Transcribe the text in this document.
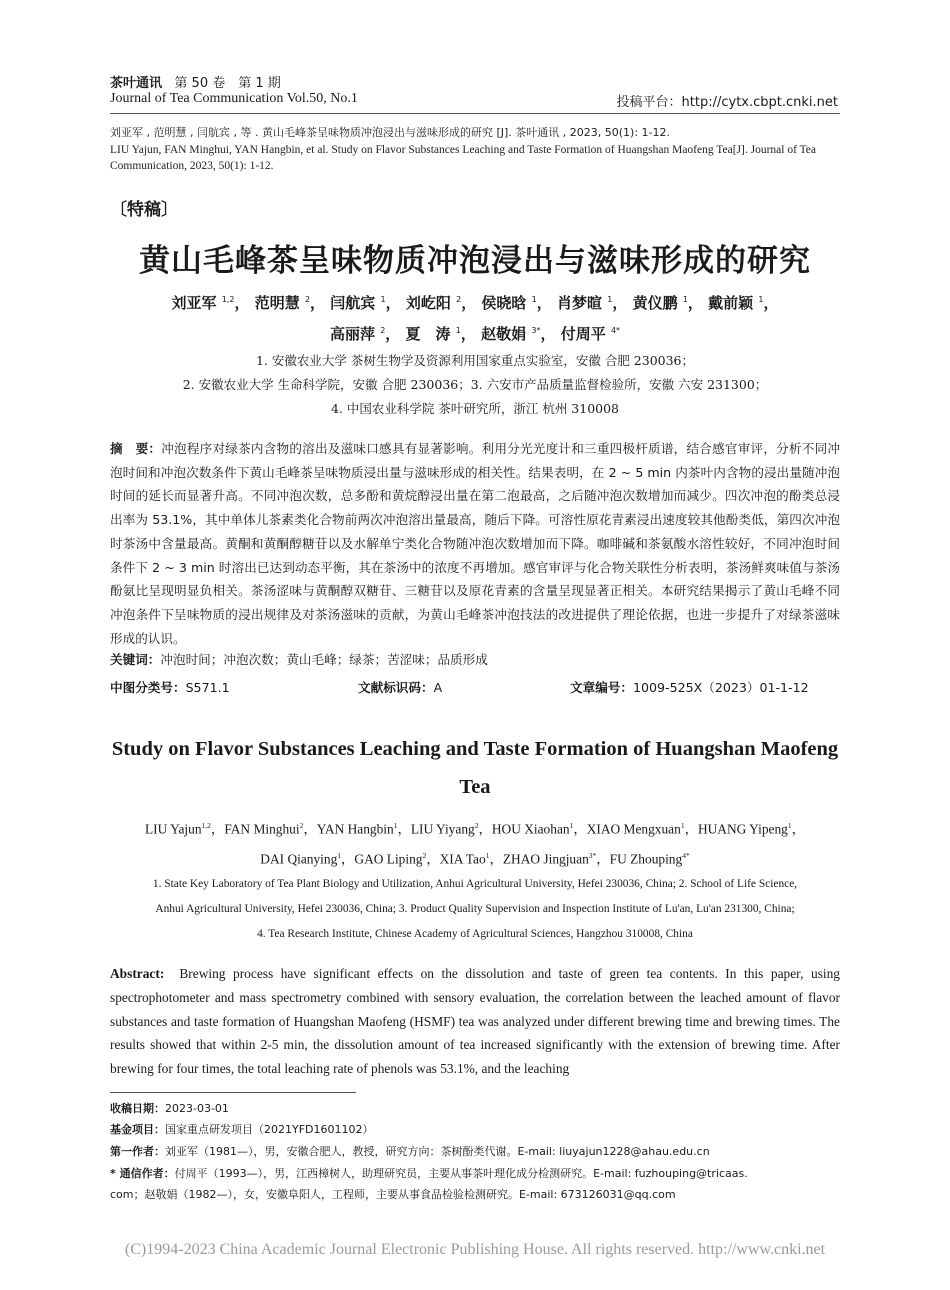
茶叶通讯 第 50 卷　第 1 期
Journal of Tea Communication Vol.50, No.1	投稿平台：http://cytx.cbpt.cnki.net
刘亚军 , 范明慧 , 闫航宾 , 等 . 黄山毛峰茶呈味物质冲泡浸出与滋味形成的研究 [J]. 茶叶通讯 , 2023, 50(1): 1-12.
LIU Yajun, FAN Minghui, YAN Hangbin, et al. Study on Flavor Substances Leaching and Taste Formation of Huangshan Maofeng Tea[J]. Journal of Tea Communication, 2023, 50(1): 1-12.
〔特稿〕
黄山毛峰茶呈味物质冲泡浸出与滋味形成的研究
刘亚军 $^{1,2}$， 范明慧 $^2$， 闫航宾 $^1$， 刘屹阳 $^2$， 侯晓晗 $^1$， 肖梦暄 $^1$， 黄仪鹏 $^1$， 戴前颖 $^1$，
高丽萍 $^2$， 夏　涛 $^1$， 赵敬娟 $^{3*}$， 付周平 $^{4*}$
1. 安徽农业大学 茶树生物学及资源利用国家重点实验室，安徽 合肥 230036；
2. 安徽农业大学 生命科学院，安徽 合肥 230036；3. 六安市产品质量监督检验所，安徽 六安 231300；
4. 中国农业科学院 茶叶研究所，浙江 杭州 310008
摘　要：冲泡程序对绿茶内含物的溶出及滋味口感具有显著影响。利用分光光度计和三重四极杆质谱，结合感官审评，分析不同冲泡时间和冲泡次数条件下黄山毛峰茶呈味物质浸出量与滋味形成的相关性。结果表明，在 2 ~ 5 min 内茶叶内含物的浸出量随冲泡时间的延长而显著升高。不同冲泡次数，总多酚和黄烷醇浸出量在第二泡最高，之后随冲泡次数增加而减少。四次冲泡的酚类总浸出率为 53.1%，其中单体儿茶素类化合物前两次冲泡溶出量最高，随后下降。可溶性原花青素浸出速度较其他酚类低，第四次冲泡时茶汤中含量最高。黄酮和黄酮醇糖苷以及水解单宁类化合物随冲泡次数增加而下降。咖啡碱和茶氨酸水溶性较好，不同冲泡时间条件下 2 ~ 3 min 时溶出已达到动态平衡，其在茶汤中的浓度不再增加。感官审评与化合物关联性分析表明，茶汤鲜爽味值与茶汤酚氨比呈现明显负相关。茶汤涩味与黄酮醇双糖苷、三糖苷以及原花青素的含量呈现显著正相关。本研究结果揭示了黄山毛峰不同冲泡条件下呈味物质的浸出规律及对茶汤滋味的贡献，为黄山毛峰茶冲泡技法的改进提供了理论依据，也进一步提升了对绿茶滋味形成的认识。
关键词：冲泡时间；冲泡次数；黄山毛峰；绿茶；苦涩味；品质形成
中图分类号：S571.1	文献标识码：A	文章编号：1009-525X（2023）01-1-12
Study on Flavor Substances Leaching and Taste Formation of Huangshan Maofeng Tea
LIU Yajun$^{1,2}$，FAN Minghui$^2$，YAN Hangbin$^1$，LIU Yiyang$^2$，HOU Xiaohan$^1$，XIAO Mengxuan$^1$，HUANG Yipeng$^1$，
DAI Qianying$^1$，GAO Liping$^2$，XIA Tao$^1$，ZHAO Jingjuan$^{3*}$，FU Zhouping$^{4*}$
1. State Key Laboratory of Tea Plant Biology and Utilization, Anhui Agricultural University, Hefei 230036, China; 2. School of Life Science,
Anhui Agricultural University, Hefei 230036, China; 3. Product Quality Supervision and Inspection Institute of Lu'an, Lu'an 231300, China;
4. Tea Research Institute, Chinese Academy of Agricultural Sciences, Hangzhou 310008, China
Abstract: Brewing process have significant effects on the dissolution and taste of green tea contents. In this paper, using spectrophotometer and mass spectrometry combined with sensory evaluation, the correlation between the leached amount of flavor substances and taste formation of Huangshan Maofeng (HSMF) tea was analyzed under different brewing time and brewing times. The results showed that within 2-5 min, the dissolution amount of tea increased significantly with the extension of brewing time. After brewing for four times, the total leaching rate of phenols was 53.1%, and the leaching
收稿日期：2023-03-01
基金项目：国家重点研发项目（2021YFD1601102）
第一作者：刘亚军（1981—），男，安徽合肥人，教授，研究方向：茶树酚类代谢。E-mail: liuyajun1228@ahau.edu.cn
* 通信作者：付周平（1993—），男，江西樟树人，助理研究员，主要从事茶叶理化成分检测研究。E-mail: fuzhouping@tricaas.
com；赵敬娟（1982—），女，安徽阜阳人，工程师，主要从事食品检验检测研究。E-mail: 673126031@qq.com
(C)1994-2023 China Academic Journal Electronic Publishing House. All rights reserved. http://www.cnki.net
